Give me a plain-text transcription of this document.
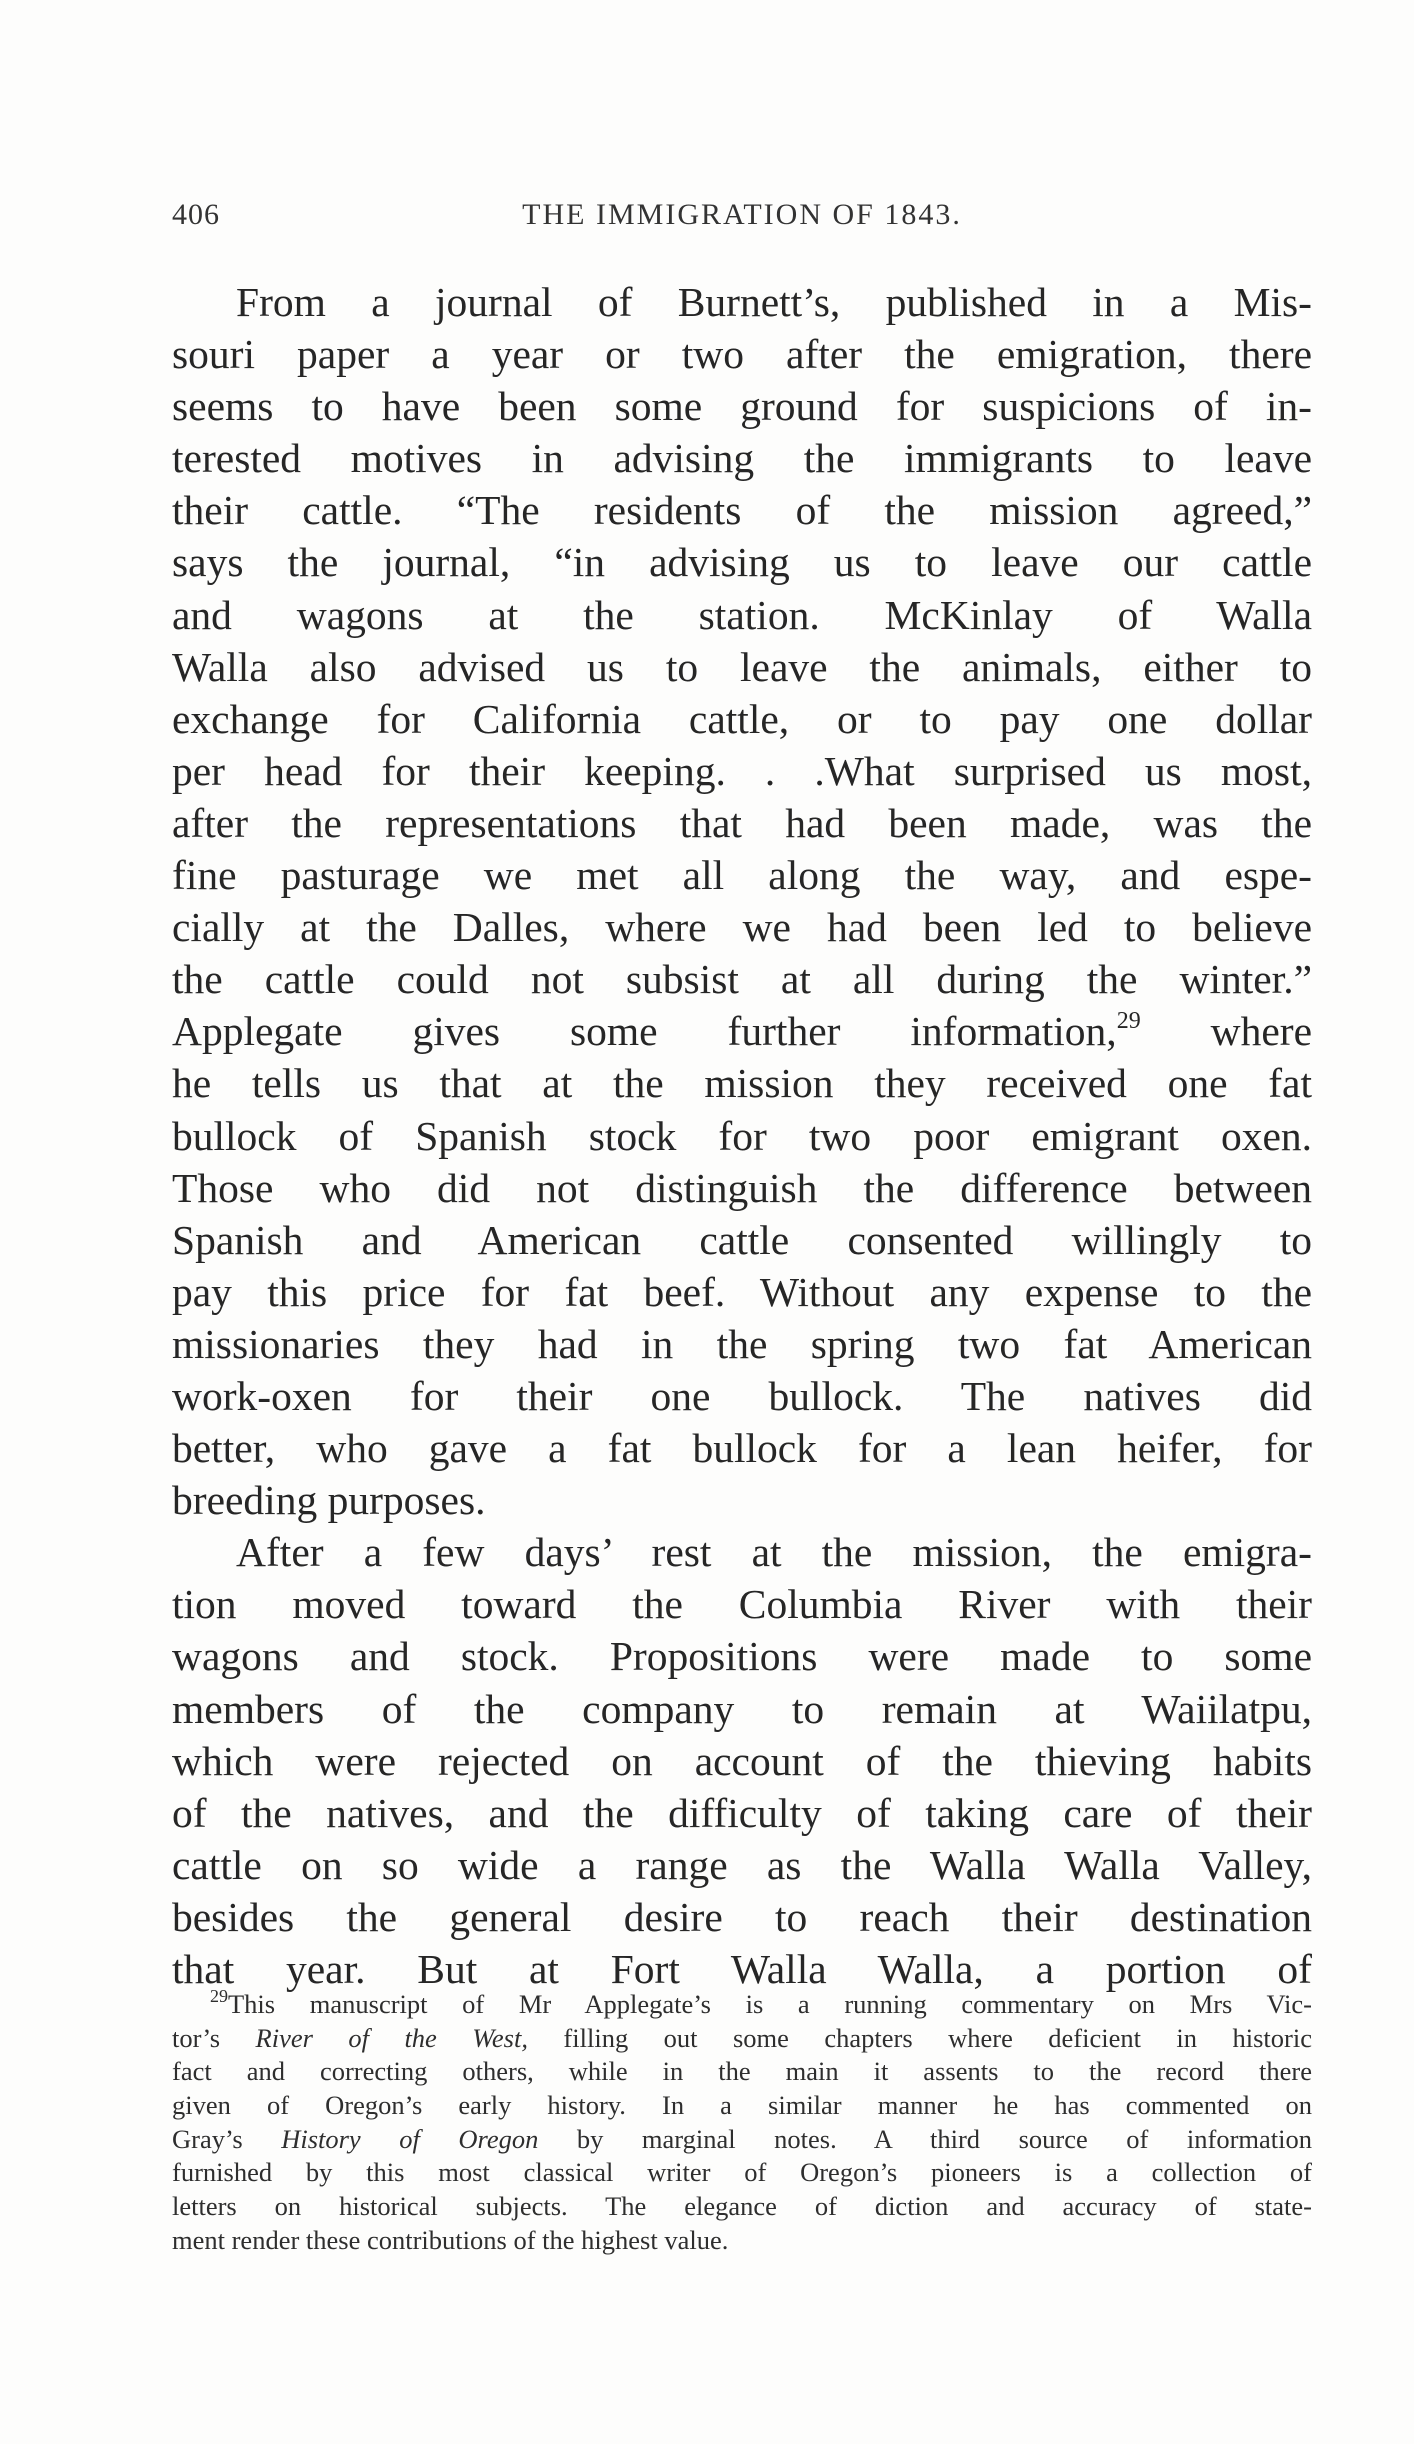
406	THE IMMIGRATION OF 1843.
From a journal of Burnett’s, published in a Mis-
souri paper a year or two after the emigration, there
seems to have been some ground for suspicions of in-
terested motives in advising the immigrants to leave
their cattle. “The residents of the mission agreed,”
says the journal, “in advising us to leave our cattle
and wagons at the station. McKinlay of Walla
Walla also advised us to leave the animals, either to
exchange for California cattle, or to pay one dollar
per head for their keeping. . .What surprised us most,
after the representations that had been made, was the
fine pasturage we met all along the way, and espe-
cially at the Dalles, where we had been led to believe
the cattle could not subsist at all during the winter.”
Applegate gives some further information,$^{29}$ where
he tells us that at the mission they received one fat
bullock of Spanish stock for two poor emigrant oxen.
Those who did not distinguish the difference between
Spanish and American cattle consented willingly to
pay this price for fat beef. Without any expense to the
missionaries they had in the spring two fat American
work-oxen for their one bullock. The natives did
better, who gave a fat bullock for a lean heifer, for
breeding purposes.
After a few days’ rest at the mission, the emigra-
tion moved toward the Columbia River with their
wagons and stock. Propositions were made to some
members of the company to remain at Waiilatpu,
which were rejected on account of the thieving habits
of the natives, and the difficulty of taking care of their
cattle on so wide a range as the Walla Walla Valley,
besides the general desire to reach their destination
that year. But at Fort Walla Walla, a portion of
$^{29}$This manuscript of Mr Applegate’s is a running commentary on Mrs Vic-
tor’s River of the West, filling out some chapters where deficient in historic
fact and correcting others, while in the main it assents to the record there
given of Oregon’s early history. In a similar manner he has commented on
Gray’s History of Oregon by marginal notes. A third source of information
furnished by this most classical writer of Oregon’s pioneers is a collection of
letters on historical subjects. The elegance of diction and accuracy of state-
ment render these contributions of the highest value.
